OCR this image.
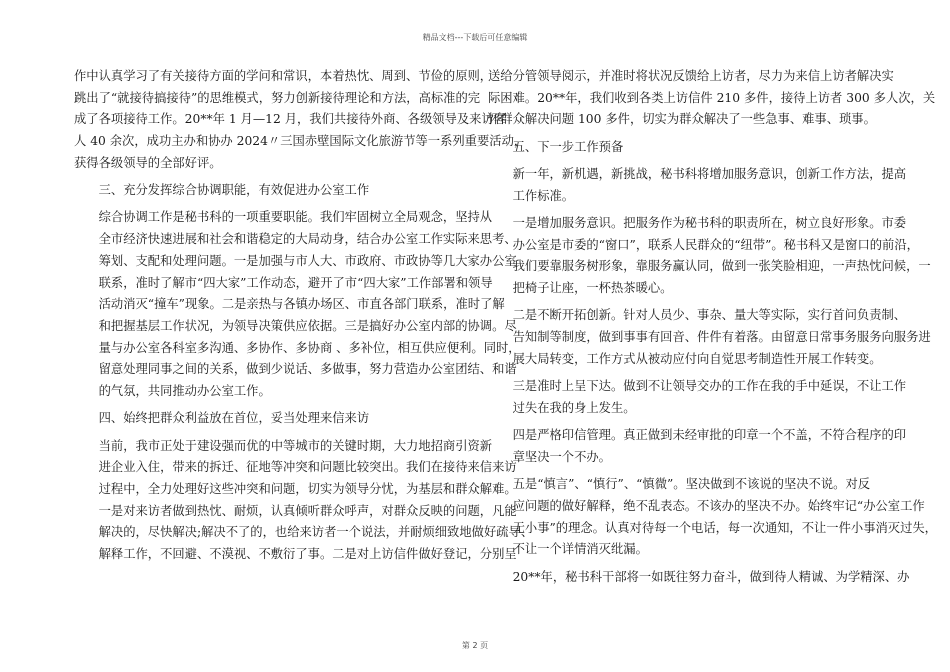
精品文档---下载后可任意编辑

作中认真学习了有关接待方面的学问和常识，本着热忱、周到、节俭的原则，
跳出了“就接待搞接待”的思维模式，努力创新接待理论和方法，高标准的完
成了各项接待工作。20**年 1 月—12 月，我们共接待外商、各级领导及来访客
人 40 余次，成功主办和协办 2024〃三国赤壁国际文化旅游节等一系列重要活动，
获得各级领导的全部好评。

三、充分发挥综合协调职能，有效促进办公室工作

综合协调工作是秘书科的一项重要职能。我们牢固树立全局观念，坚持从
全市经济快速进展和社会和谐稳定的大局动身，结合办公室工作实际来思考、
筹划、支配和处理问题。一是加强与市人大、市政府、市政协等几大家办公室
联系，准时了解市“四大家”工作动态，避开了市“四大家”工作部署和领导
活动消灭“撞车”现象。二是亲热与各镇办场区、市直各部门联系，准时了解
和把握基层工作状况，为领导决策供应依据。三是搞好办公室内部的协调。尽
量与办公室各科室多沟通、多协作、多协商 、多补位，相互供应便利。同时，
留意处理同事之间的关系，做到少说话、多做事，努力营造办公室团结、和谐
的气氛，共同推动办公室工作。

四、始终把群众利益放在首位，妥当处理来信来访

当前，我市正处于建设强而优的中等城市的关键时期，大力地招商引资新
进企业入住，带来的拆迁、征地等冲突和问题比较突出。我们在接待来信来访
过程中，全力处理好这些冲突和问题，切实为领导分忧，为基层和群众解难。
一是对来访者做到热忱、耐烦，认真倾听群众呼声，对群众反映的问题，凡能
解决的，尽快解决;解决不了的，也给来访者一个说法，并耐烦细致地做好疏导、
解释工作，不回避、不漠视、不敷衍了事。二是对上访信件做好登记，分别呈

送给分管领导阅示，并准时将状况反馈给上访者，尽力为来信上访者解决实
际困难。20**年，我们收到各类上访信件 210 多件，接待上访者 300 多人次，关
怀群众解决问题 100 多件，切实为群众解决了一些急事、难事、琐事。

五、下一步工作预备

新一年，新机遇，新挑战，秘书科将增加服务意识，创新工作方法，提高
工作标准。

一是增加服务意识。把服务作为秘书科的职责所在，树立良好形象。市委
办公室是市委的“窗口”，联系人民群众的“纽带”。秘书科又是窗口的前沿，
我们要靠服务树形象，靠服务赢认同，做到一张笑脸相迎，一声热忱问候，一
把椅子让座，一杯热茶暖心。

二是不断开拓创新。针对人员少、事杂、量大等实际，实行首问负责制、
告知制等制度，做到事事有回音、件件有着落。由留意日常事务服务向服务进
展大局转变，工作方式从被动应付向自觉思考制造性开展工作转变。

三是准时上呈下达。做到不让领导交办的工作在我的手中延误，不让工作
过失在我的身上发生。

四是严格印信管理。真正做到未经审批的印章一个不盖，不符合程序的印
章坚决一个不办。

五是“慎言”、“慎行”、“慎微”。坚决做到不该说的坚决不说。对反
应问题的做好解释，绝不乱表态。不该办的坚决不办。始终牢记“办公室工作
无小事”的理念。认真对待每一个电话，每一次通知，不让一件小事消灭过失，
不让一个详情消灭纰漏。

20**年，秘书科干部将一如既往努力奋斗，做到待人精诚、为学精深、办

第 2 页
